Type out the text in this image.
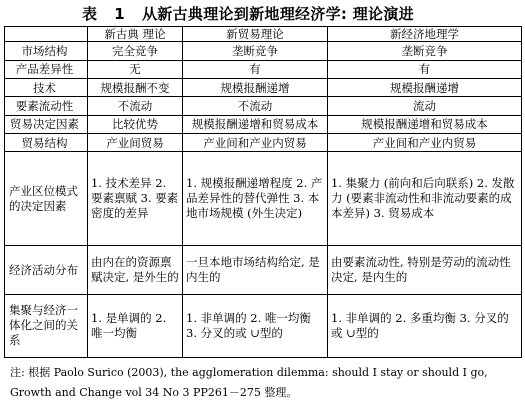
表 1 从新古典理论到新地理经济学: 理论演进
	新古典 理论	新贸易理论	新经济地理学
市场结构	完全竞争	垄断竞争	垄断竞争
产品差异性	无	有	有
技术	规模报酬不变	规模报酬递增	规模报酬递增
要素流动性	不流动	不流动	流动
贸易决定因素	比较优势	规模报酬递增和贸易成本	规模报酬递增和贸易成本
贸易结构	产业间贸易	产业间和产业内贸易	产业间和产业内贸易
产业区位模式的决定因素	1. 技术差异 2. 要素禀赋 3. 要素密度的差异	1. 规模报酬递增程度 2. 产品差异性的替代弹性 3. 本地市场规模 (外生决定)	1. 集聚力 (前向和后向联系) 2. 发散力 (要素非流动性和非流动要素的成本差异) 3. 贸易成本
经济活动分布	由内在的资源禀赋决定, 是外生的	一旦本地市场结构给定, 是内生的	由要素流动性, 特别是劳动的流动性决定, 是内生的
集聚与经济一体化之间的关系	1. 是单调的 2. 唯一均衡	1. 非单调的 2. 唯一均衡 3. 分叉的或 ∪型的	1. 非单调的 2. 多重均衡 3. 分叉的或 ∪型的
注: 根据 Paolo Surico (2003), the agglomeration dilemma: should I stay or should I go,
Growth and Change vol 34 No 3 PP261－275 整理。
